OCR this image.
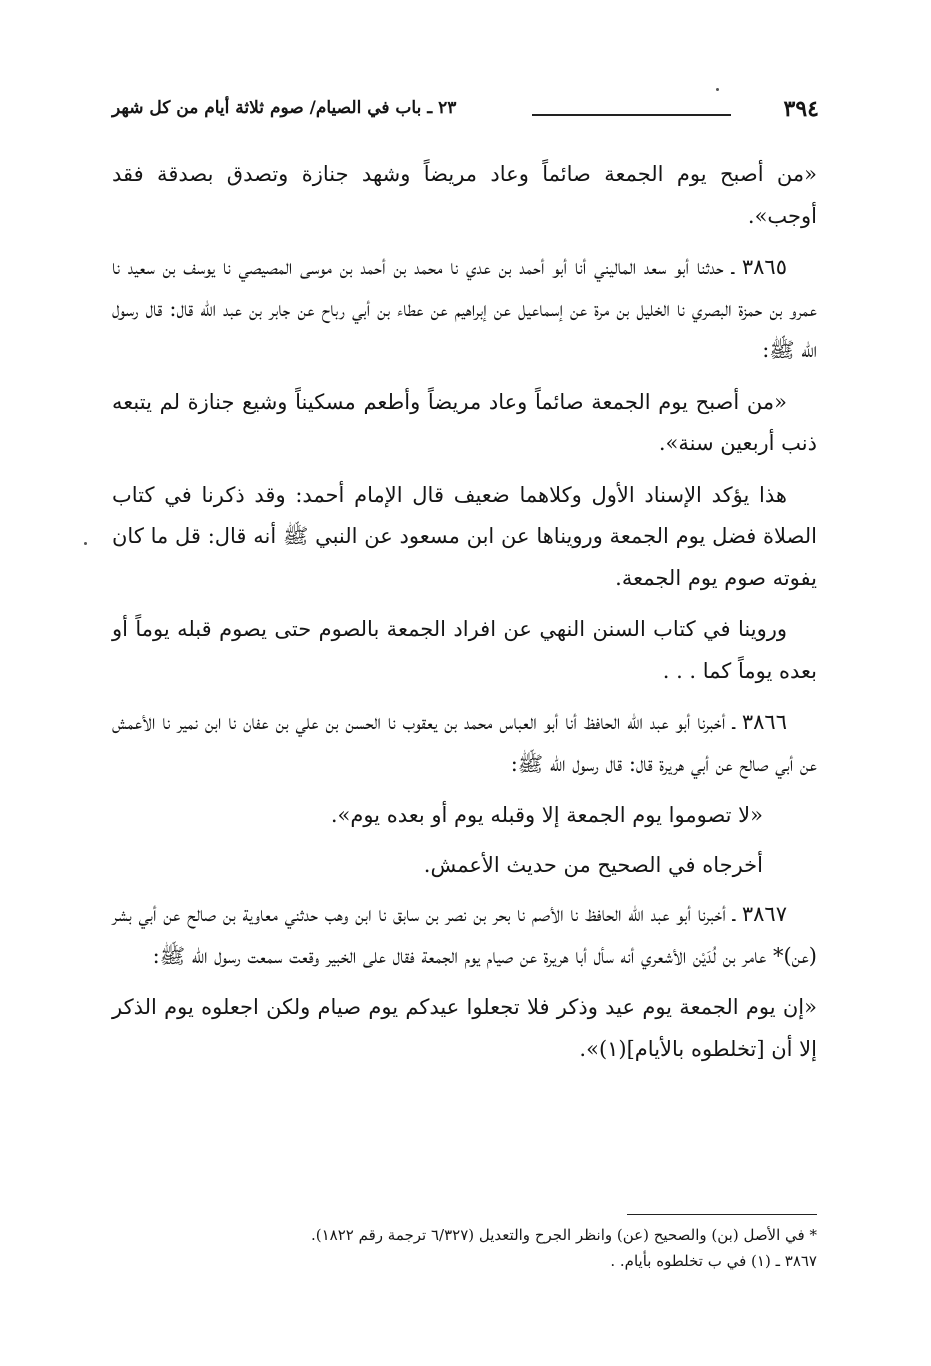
٣٩٤
٢٣ ـ باب في الصيام/ صوم ثلاثة أيام من كل شهر

«من أصبح يوم الجمعة صائماً وعاد مريضاً وشهد جنازة وتصدق بصدقة فقد أوجب».

٣٨٦٥ ـ حدثنا أبو سعد الماليني أنا أبو أحمد بن عدي نا محمد بن أحمد بن موسى المصيصي نا يوسف بن سعيد نا عمرو بن حمزة البصري نا الخليل بن مرة عن إسماعيل عن إبراهيم عن عطاء بن أبي رباح عن جابر بن عبد الله قال: قال رسول الله ﷺ:

«من أصبح يوم الجمعة صائماً وعاد مريضاً وأطعم مسكيناً وشيع جنازة لم يتبعه ذنب أربعين سنة».

هذا يؤكد الإسناد الأول وكلاهما ضعيف قال الإمام أحمد: وقد ذكرنا في كتاب الصلاة فضل يوم الجمعة ورويناها عن ابن مسعود عن النبي ﷺ أنه قال: قل ما كان يفوته صوم يوم الجمعة.

وروينا في كتاب السنن النهي عن افراد الجمعة بالصوم حتى يصوم قبله يوماً أو بعده يوماً كما . . .

٣٨٦٦ ـ أخبرنا أبو عبد الله الحافظ أنا أبو العباس محمد بن يعقوب نا الحسن بن علي بن عفان نا ابن نمير نا الأعمش عن أبي صالح عن أبي هريرة قال: قال رسول الله ﷺ:

«لا تصوموا يوم الجمعة إلا وقبله يوم أو بعده يوم».

أخرجاه في الصحيح من حديث الأعمش.

٣٨٦٧ ـ أخبرنا أبو عبد الله الحافظ نا الأصم نا بحر بن نصر بن سابق نا ابن وهب حدثني معاوية بن صالح عن أبي بشر (عن)* عامر بن لُدَيْن الأشعري أنه سأل أبا هريرة عن صيام يوم الجمعة فقال على الخبير وقعت سمعت رسول الله ﷺ:

«إن يوم الجمعة يوم عيد وذكر فلا تجعلوا عيدكم يوم صيام ولكن اجعلوه يوم الذكر إلا أن [تخلطوه بالأيام](١)».

* في الأصل (بن) والصحيح (عن) وانظر الجرح والتعديل (٦/٣٢٧ ترجمة رقم ١٨٢٢).
٣٨٦٧ ـ (١) في ب تخلطوه بأيام. .
